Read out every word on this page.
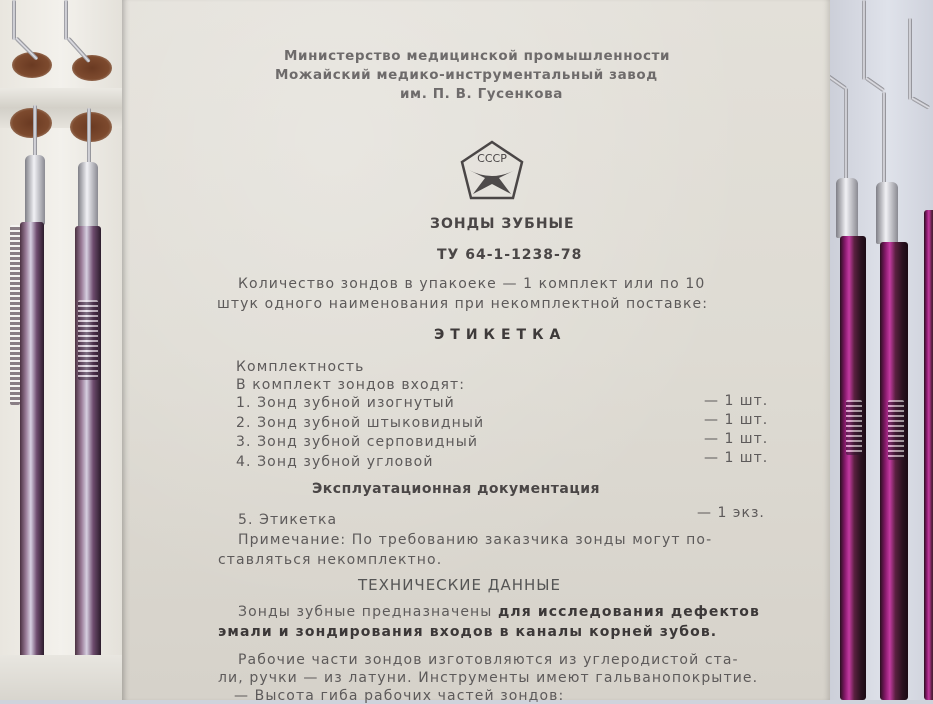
Министерство медицинской промышленности
Можайский медико-инструментальный завод
им. П. В. Гусенкова
СССР
ЗОНДЫ ЗУБНЫЕ
ТУ 64-1-1238-78
Количество зондов в упакоеке — 1 комплект или по 10
штук одного наименования при некомплектной поставке:
ЭТИКЕТКА
Комплектность
В комплект зондов входят:
1. Зонд зубной изогнутый	— 1 шт.
2. Зонд зубной штыковидный	— 1 шт.
3. Зонд зубной серповидный	— 1 шт.
4. Зонд зубной угловой	— 1 шт.
Эксплуатационная документация
5. Этикетка	— 1 экз.
Примечание: По требованию заказчика зонды могут по-
ставляться некомплектно.
ТЕХНИЧЕСКИЕ ДАННЫЕ
Зонды зубные предназначены для исследования дефектов
эмали и зондирования входов в каналы корней зубов.
Рабочие части зондов изготовляются из углеродистой ста-
ли, ручки — из латуни. Инструменты имеют гальванопокрытие.
— Высота гиба рабочих частей зондов:
